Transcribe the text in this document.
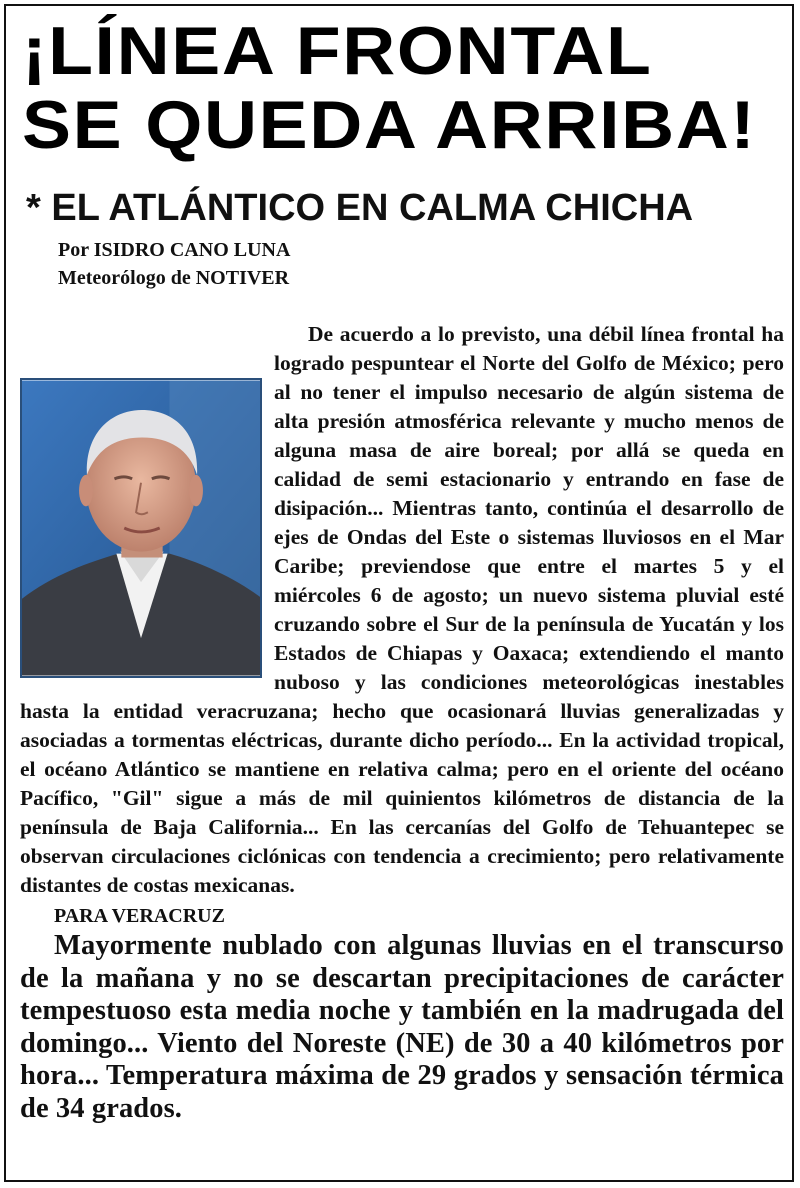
¡LÍNEA FRONTAL
SE QUEDA ARRIBA!
* EL ATLÁNTICO EN CALMA CHICHA
Por ISIDRO CANO LUNA
Meteorólogo de NOTIVER

De acuerdo a lo previsto, una débil línea frontal ha logrado pespuntear el Norte del Golfo de México; pero al no tener el impulso necesario de algún sistema de alta presión atmosférica relevante y mucho menos de alguna masa de aire boreal; por allá se queda en calidad de semi estacionario y entrando en fase de disipación... Mientras tanto, continúa el desarrollo de ejes de Ondas del Este o sistemas lluviosos en el Mar Caribe; previendose que entre el martes 5 y el miércoles 6 de agosto; un nuevo sistema pluvial esté cruzando sobre el Sur de la península de Yucatán y los Estados de Chiapas y Oaxaca; extendiendo el manto nuboso y las condiciones meteorológicas inestables hasta la entidad veracruzana; hecho que ocasionará lluvias generalizadas y asociadas a tormentas eléctricas, durante dicho período... En la actividad tropical, el océano Atlántico se mantiene en relativa calma; pero en el oriente del océano Pacífico, "Gil" sigue a más de mil quinientos kilómetros de distancia de la península de Baja California... En las cercanías del Golfo de Tehuantepec se observan circulaciones ciclónicas con tendencia a crecimiento; pero relativamente distantes de costas mexicanas.

PARA VERACRUZ

Mayormente nublado con algunas lluvias en el transcurso de la mañana y no se descartan precipitaciones de carácter tempestuoso esta media noche y también en la madrugada del domingo... Viento del Noreste (NE) de 30 a 40 kilómetros por hora... Temperatura máxima de 29 grados y sensación térmica de 34 grados.
